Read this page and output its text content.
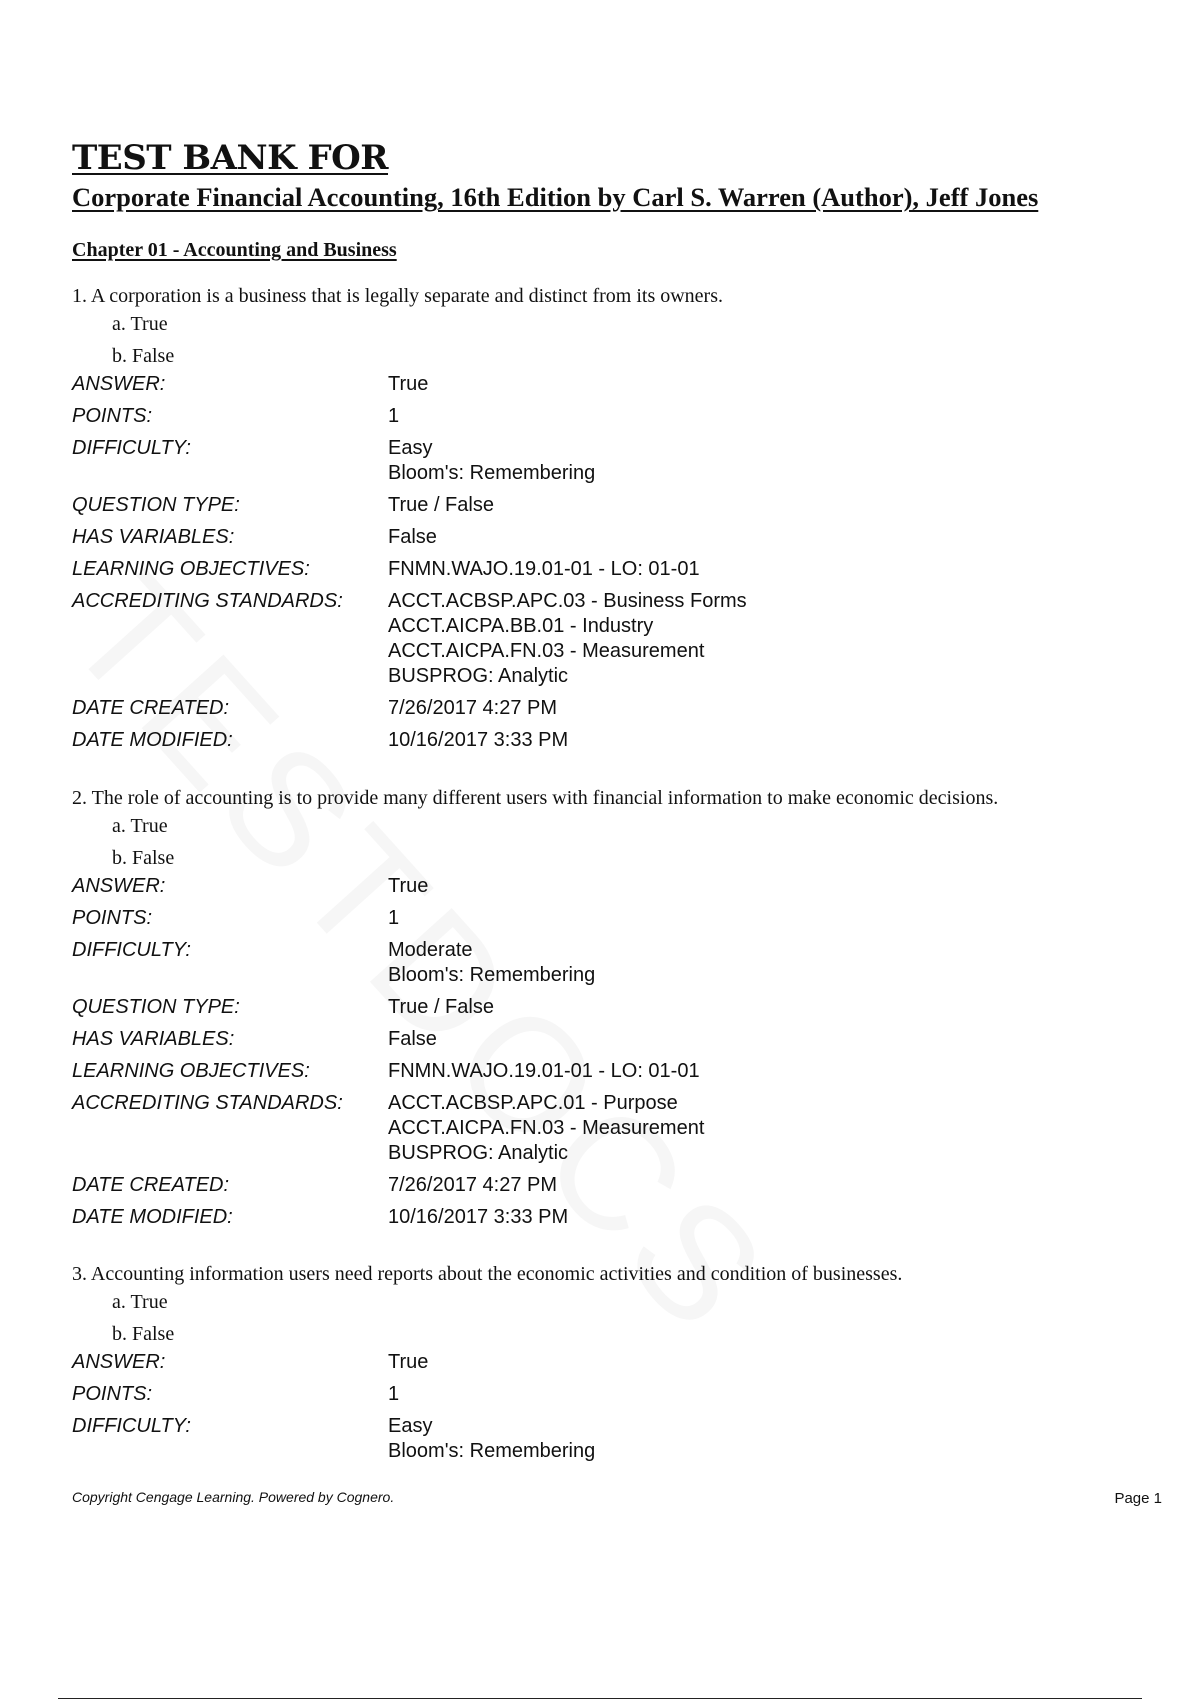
TEST BANK FOR
Corporate Financial Accounting, 16th Edition by Carl S. Warren (Author), Jeff Jones
Chapter 01 - Accounting and Business
1. A corporation is a business that is legally separate and distinct from its owners.
a. True
b. False
ANSWER:	True
POINTS:	1
DIFFICULTY:	Easy
Bloom's: Remembering
QUESTION TYPE:	True / False
HAS VARIABLES:	False
LEARNING OBJECTIVES:	FNMN.WAJO.19.01-01 - LO: 01-01
ACCREDITING STANDARDS:	ACCT.ACBSP.APC.03 - Business Forms
ACCT.AICPA.BB.01 - Industry
ACCT.AICPA.FN.03 - Measurement
BUSPROG: Analytic
DATE CREATED:	7/26/2017 4:27 PM
DATE MODIFIED:	10/16/2017 3:33 PM
2. The role of accounting is to provide many different users with financial information to make economic decisions.
a. True
b. False
ANSWER:	True
POINTS:	1
DIFFICULTY:	Moderate
Bloom's: Remembering
QUESTION TYPE:	True / False
HAS VARIABLES:	False
LEARNING OBJECTIVES:	FNMN.WAJO.19.01-01 - LO: 01-01
ACCREDITING STANDARDS:	ACCT.ACBSP.APC.01 - Purpose
ACCT.AICPA.FN.03 - Measurement
BUSPROG: Analytic
DATE CREATED:	7/26/2017 4:27 PM
DATE MODIFIED:	10/16/2017 3:33 PM
3. Accounting information users need reports about the economic activities and condition of businesses.
a. True
b. False
ANSWER:	True
POINTS:	1
DIFFICULTY:	Easy
Bloom's: Remembering
Copyright Cengage Learning. Powered by Cognero.	Page 1
